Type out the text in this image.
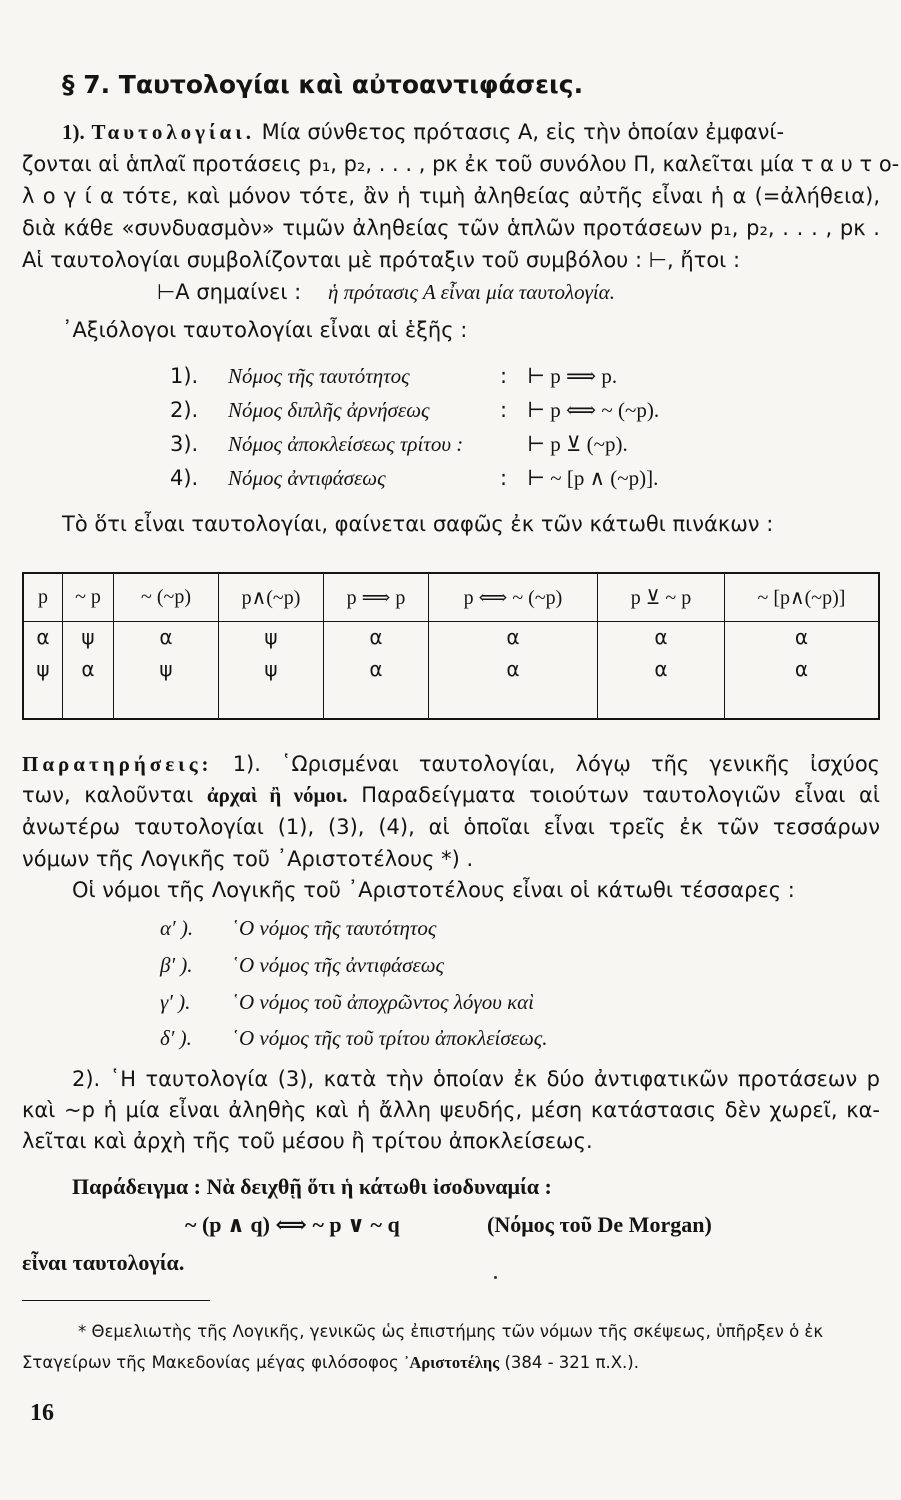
§ 7. Ταυτολογίαι καὶ αὐτοαντιφάσεις.
1). Ταυτολογίαι. Μία σύνθετος πρότασις Α, εἰς τὴν ὁποίαν ἐμφανί-
ζονται αἱ ἁπλαῖ προτάσεις p₁, p₂, . . . , pκ ἐκ τοῦ συνόλου Π, καλεῖται μία τ α υ τ ο-
λ ο γ ί α τότε, καὶ μόνον τότε, ἂν ἡ τιμὴ ἀληθείας αὐτῆς εἶναι ἡ α (=ἀλήθεια),
διὰ κάθε «συνδυασμὸν» τιμῶν ἀληθείας τῶν ἁπλῶν προτάσεων p₁, p₂, . . . , pκ .
Αἱ ταυτολογίαι συμβολίζονται μὲ πρόταξιν τοῦ συμβόλου : ⊢, ἤτοι :
⊢Α σημαίνει : ἡ πρότασις Α εἶναι μία ταυτολογία.
᾿Αξιόλογοι ταυτολογίαι εἶναι αἱ ἑξῆς :
1). Νόμος τῆς ταυτότητος	: ⊢ p ⟹ p.
2). Νόμος διπλῆς ἀρνήσεως	: ⊢ p ⟺ ~ (~p).
3). Νόμος ἀποκλείσεως τρίτου :	⊢ p ⊻ (~p).
4). Νόμος ἀντιφάσεως	: ⊢ ~ [p ∧ (~p)].
Τὸ ὅτι εἶναι ταυτολογίαι, φαίνεται σαφῶς ἐκ τῶν κάτωθι πινάκων :
p	~ p	~ (~p)	p∧(~p)	p ⟹ p	p ⟺ ~ (~p)	p ⊻ ~ p	~ [p∧(~p)]
α	ψ	α	ψ	α	α	α	α
ψ	α	ψ	ψ	α	α	α	α

Παρατηρήσεις: 1). ῾Ωρισμέναι ταυτολογίαι, λόγῳ τῆς γενικῆς ἰσχύος
των, καλοῦνται ἀρχαὶ ἢ νόμοι. Παραδείγματα τοιούτων ταυτολογιῶν εἶναι αἱ
ἀνωτέρω ταυτολογίαι (1), (3), (4), αἱ ὁποῖαι εἶναι τρεῖς ἐκ τῶν τεσσάρων
νόμων τῆς Λογικῆς τοῦ ᾿Αριστοτέλους *) .
Οἱ νόμοι τῆς Λογικῆς τοῦ ᾿Αριστοτέλους εἶναι οἱ κάτωθι τέσσαρες :
α′ ). ῾Ο νόμος τῆς ταυτότητος
β′ ). ῾Ο νόμος τῆς ἀντιφάσεως
γ′ ). ῾Ο νόμος τοῦ ἀποχρῶντος λόγου καὶ
δ′ ). ῾Ο νόμος τῆς τοῦ τρίτου ἀποκλείσεως.
2). ῾Η ταυτολογία (3), κατὰ τὴν ὁποίαν ἐκ δύο ἀντιφατικῶν προτάσεων p
καὶ ~p ἡ μία εἶναι ἀληθὴς καὶ ἡ ἄλλη ψευδής, μέση κατάστασις δὲν χωρεῖ, κα-
λεῖται καὶ ἀρχὴ τῆς τοῦ μέσου ἢ τρίτου ἀποκλείσεως.
Παράδειγμα : Νὰ δειχθῇ ὅτι ἡ κάτωθι ἰσοδυναμία :
~ (p ∧ q) ⟺ ~ p ∨ ~ q	(Νόμος τοῦ De Morgan)
εἶναι ταυτολογία.
* Θεμελιωτὴς τῆς Λογικῆς, γενικῶς ὡς ἐπιστήμης τῶν νόμων τῆς σκέψεως, ὑπῆρξεν ὁ ἐκ
Σταγείρων τῆς Μακεδονίας μέγας φιλόσοφος ᾿Αριστοτέλης (384 - 321 π.Χ.).
16
